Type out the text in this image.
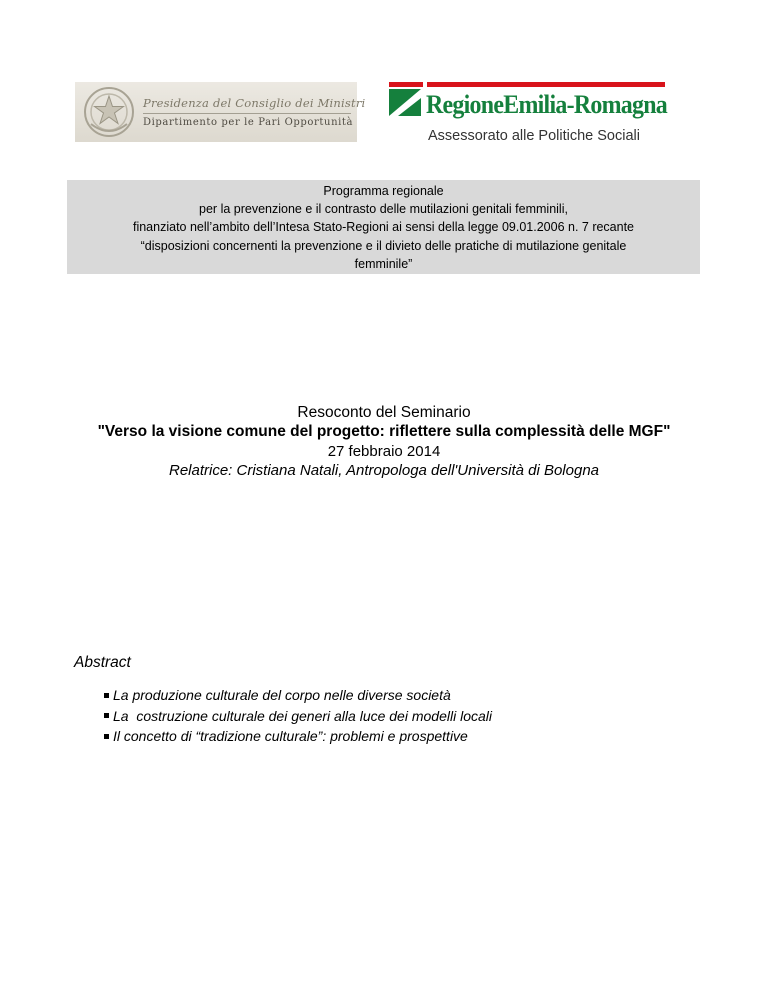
Presidenza del Consiglio dei Ministri
Dipartimento per le Pari Opportunità
RegioneEmilia-Romagna
Assessorato alle Politiche Sociali
Programma regionale
per la prevenzione e il contrasto delle mutilazioni genitali femminili,
finanziato nell’ambito dell’Intesa Stato-Regioni ai sensi della legge 09.01.2006 n. 7 recante
“disposizioni concernenti la prevenzione e il divieto delle pratiche di mutilazione genitale
femminile”
Resoconto del Seminario
"Verso la visione comune del progetto: riflettere sulla complessità delle MGF"
27 febbraio 2014
Relatrice: Cristiana Natali, Antropologa dell'Università di Bologna
Abstract
La produzione culturale del corpo nelle diverse società
La  costruzione culturale dei generi alla luce dei modelli locali
Il concetto di “tradizione culturale”: problemi e prospettive
